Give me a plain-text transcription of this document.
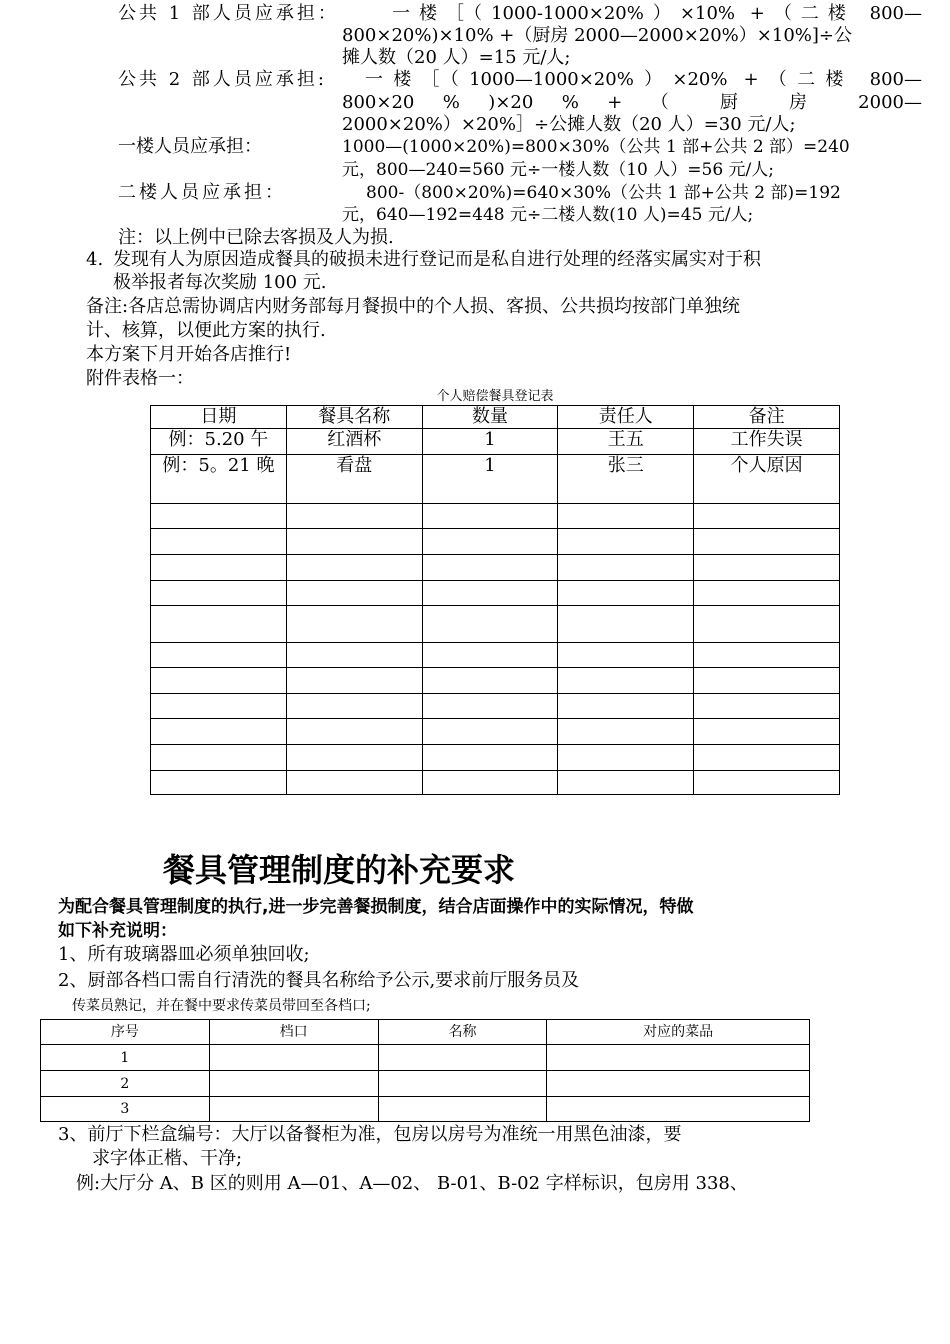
公共 1 部人员应承担：	一楼［（1000-1000×20%）×10% +（二楼 800—
800×20%)×10% +（厨房 2000—2000×20%）×10%]÷公
摊人数（20 人）=15 元/人;
公共 2 部人员应承担:	一楼［（1000—1000×20%）×20% +（二楼 800—
800×20 % )×20 % + （ 厨 房 2000—
2000×20%）×20%］÷公摊人数（20 人）=30 元/人;
一楼人员应承担：	1000—(1000×20%)=800×30%（公共 1 部+公共 2 部）=240
元，800—240=560 元÷一楼人数（10 人）=56 元/人;
二楼人员应承担：	800-（800×20%)=640×30%（公共 1 部+公共 2 部)=192
元，640—192=448 元÷二楼人数(10 人)=45 元/人;
注：以上例中已除去客损及人为损.
4. 发现有人为原因造成餐具的破损未进行登记而是私自进行处理的经落实属实对于积
极举报者每次奖励 100 元.
备注:各店总需协调店内财务部每月餐损中的个人损、客损、公共损均按部门单独统
计、核算，以便此方案的执行.
本方案下月开始各店推行!
附件表格一：
个人赔偿餐具登记表
日期	餐具名称	数量	责任人	备注
例：5.20 午	红酒杯	1	王五	工作失误
例：5。21 晚	看盘	1	张三	个人原因

餐具管理制度的补充要求
为配合餐具管理制度的执行,进一步完善餐损制度，结合店面操作中的实际情况，特做
如下补充说明：
1、所有玻璃器皿必须单独回收;
2、厨部各档口需自行清洗的餐具名称给予公示,要求前厅服务员及
传菜员熟记，并在餐中要求传菜员带回至各档口;
序号	档口	名称	对应的菜品
1			
2			
3			
3、前厅下栏盒编号：大厅以备餐柜为准，包房以房号为准统一用黑色油漆，要
求字体正楷、干净;
例:大厅分 A、B 区的则用 A—01、A—02、 B-01、B-02 字样标识，包房用 338、
